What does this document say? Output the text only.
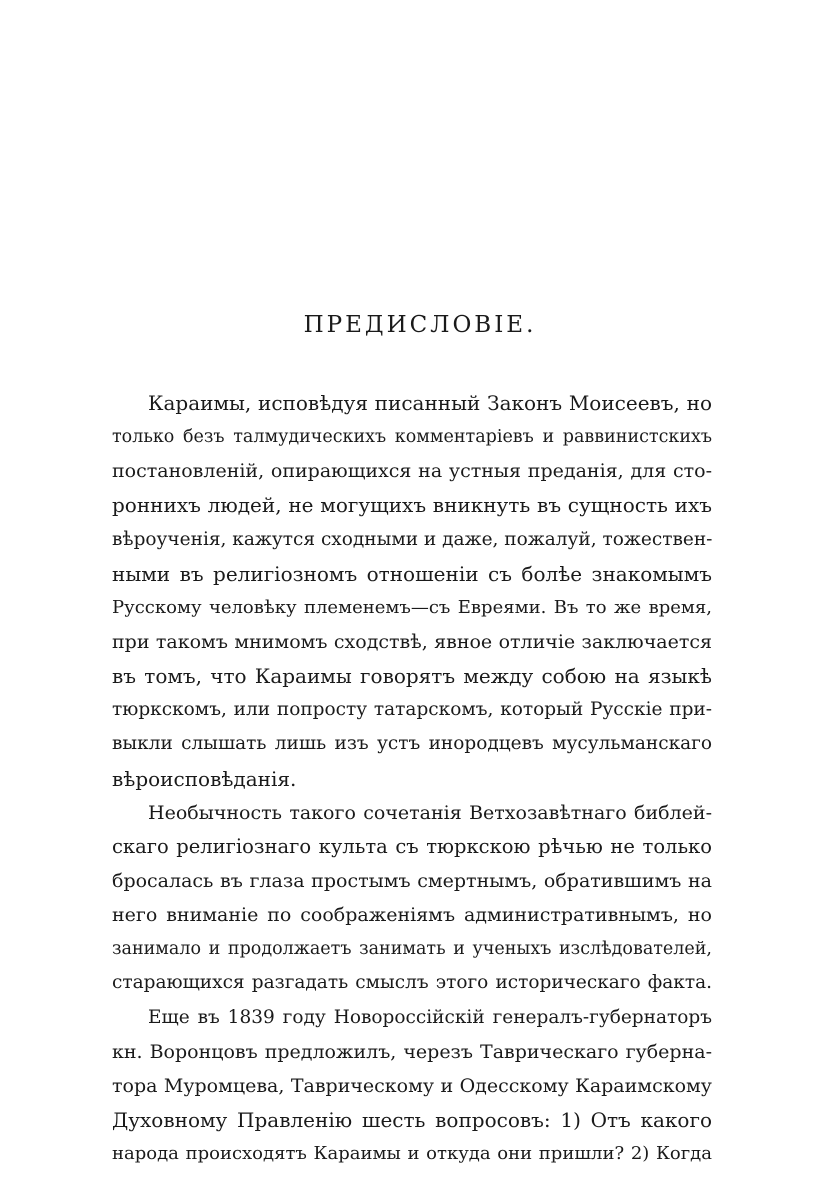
ПРЕДИСЛОВІЕ.
Караимы, исповѣдуя писанный Законъ Моисеевъ, но
только безъ талмудическихъ комментаріевъ и раввинистскихъ
постановленій, опирающихся на устныя преданія, для сто-
роннихъ людей, не могущихъ вникнуть въ сущность ихъ
вѣроученія, кажутся сходными и даже, пожалуй, тожествен-
ными въ религіозномъ отношеніи съ болѣе знакомымъ
Русскому человѣку племенемъ—съ Евреями. Въ то же время,
при такомъ мнимомъ сходствѣ, явное отличіе заключается
въ томъ, что Караимы говорятъ между собою на языкѣ
тюркскомъ, или попросту татарскомъ, который Русскіе при-
выкли слышать лишь изъ устъ инородцевъ мусульманскаго
вѣроисповѣданія.
Необычность такого сочетанія Ветхозавѣтнаго библей-
скаго религіознаго культа съ тюркскою рѣчью не только
бросалась въ глаза простымъ смертнымъ, обратившимъ на
него вниманіе по соображеніямъ административнымъ, но
занимало и продолжаетъ занимать и ученыхъ изслѣдователей,
старающихся разгадать смыслъ этого историческаго факта.
Еще въ 1839 году Новороссійскій генералъ-губернаторъ
кн. Воронцовъ предложилъ, черезъ Таврическаго губерна-
тора Муромцева, Таврическому и Одесскому Караимскому
Духовному Правленію шесть вопросовъ: 1) Отъ какого
народа происходятъ Караимы и откуда они пришли? 2) Когда
